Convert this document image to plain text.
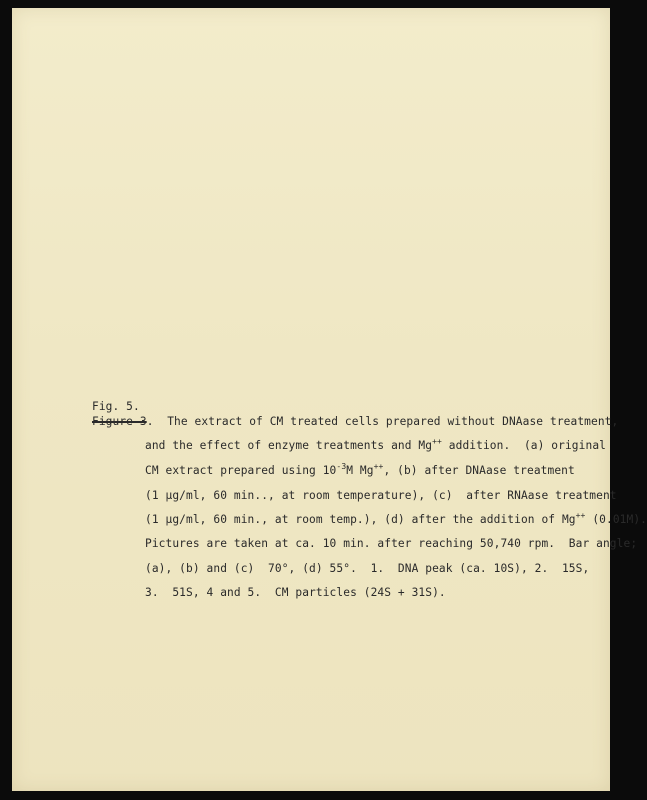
Fig. 5.
Figure 3.  The extract of CM treated cells prepared without DNAase treatment,
and the effect of enzyme treatments and Mg++ addition.  (a) original
CM extract prepared using $10^{-3}M$ Mg++, (b) after DNAase treatment
(1 μg/ml, 60 min.., at room temperature), (c)  after RNAase treatment
(1 μg/ml, 60 min., at room temp.), (d) after the addition of Mg++ (0.01M).
Pictures are taken at ca. 10 min. after reaching 50,740 rpm.  Bar angle;
(a), (b) and (c)  70°, (d) 55°.  1.  DNA peak (ca. 10S), 2.  15S,
3.  51S, 4 and 5.  CM particles (24S + 31S).
